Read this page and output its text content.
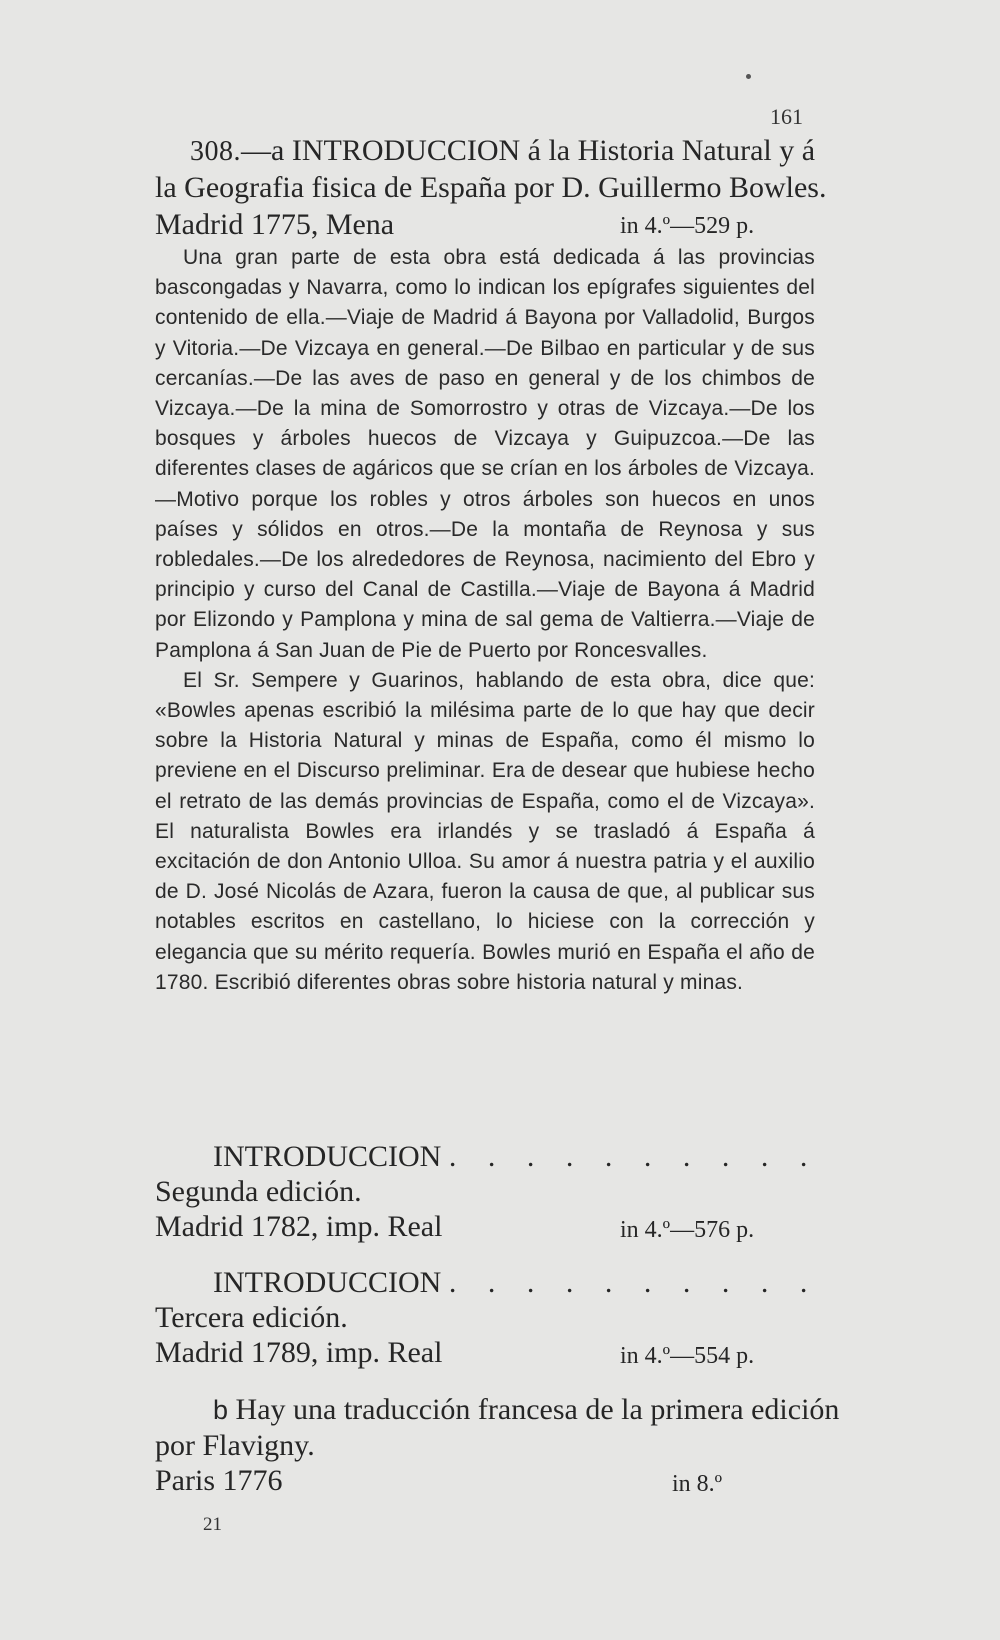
161
308.—a INTRODUCCION á la Historia Natural y á
la Geografia fisica de España por D. Guillermo Bowles.
Madrid 1775, Mena	in 4.º—529 p.

Una gran parte de esta obra está dedicada á las provincias bascongadas y Navarra, como lo indican los epígrafes siguientes del contenido de ella.—Viaje de Madrid á Bayona por Valladolid, Burgos y Vitoria.—De Vizcaya en general.—De Bilbao en particular y de sus cercanías.—De las aves de paso en general y de los chimbos de Vizcaya.—De la mina de Somorrostro y otras de Vizcaya.—De los bosques y árboles huecos de Vizcaya y Guipuzcoa.—De las diferentes clases de agáricos que se crían en los árboles de Vizcaya.—Motivo porque los robles y otros árboles son huecos en unos países y sólidos en otros.—De la montaña de Reynosa y sus robledales.—De los alrededores de Reynosa, nacimiento del Ebro y principio y curso del Canal de Castilla.—Viaje de Bayona á Madrid por Elizondo y Pamplona y mina de sal gema de Valtierra.—Viaje de Pamplona á San Juan de Pie de Puerto por Roncesvalles.

El Sr. Sempere y Guarinos, hablando de esta obra, dice que: «Bowles apenas escribió la milésima parte de lo que hay que decir sobre la Historia Natural y minas de España, como él mismo lo previene en el Discurso preliminar. Era de desear que hubiese hecho el retrato de las demás provincias de España, como el de Vizcaya». El naturalista Bowles era irlandés y se trasladó á España á excitación de don Antonio Ulloa. Su amor á nuestra patria y el auxilio de D. José Nicolás de Azara, fueron la causa de que, al publicar sus notables escritos en castellano, lo hiciese con la corrección y elegancia que su mérito requería. Bowles murió en España el año de 1780. Escribió diferentes obras sobre historia natural y minas.

INTRODUCCION . . . . . . . . . .
Segunda edición.
Madrid 1782, imp. Real	in 4.º—576 p.
INTRODUCCION . . . . . . . . . .
Tercera edición.
Madrid 1789, imp. Real	in 4.º—554 p.
b Hay una traducción francesa de la primera edición
por Flavigny.
Paris 1776	in 8.º
21
